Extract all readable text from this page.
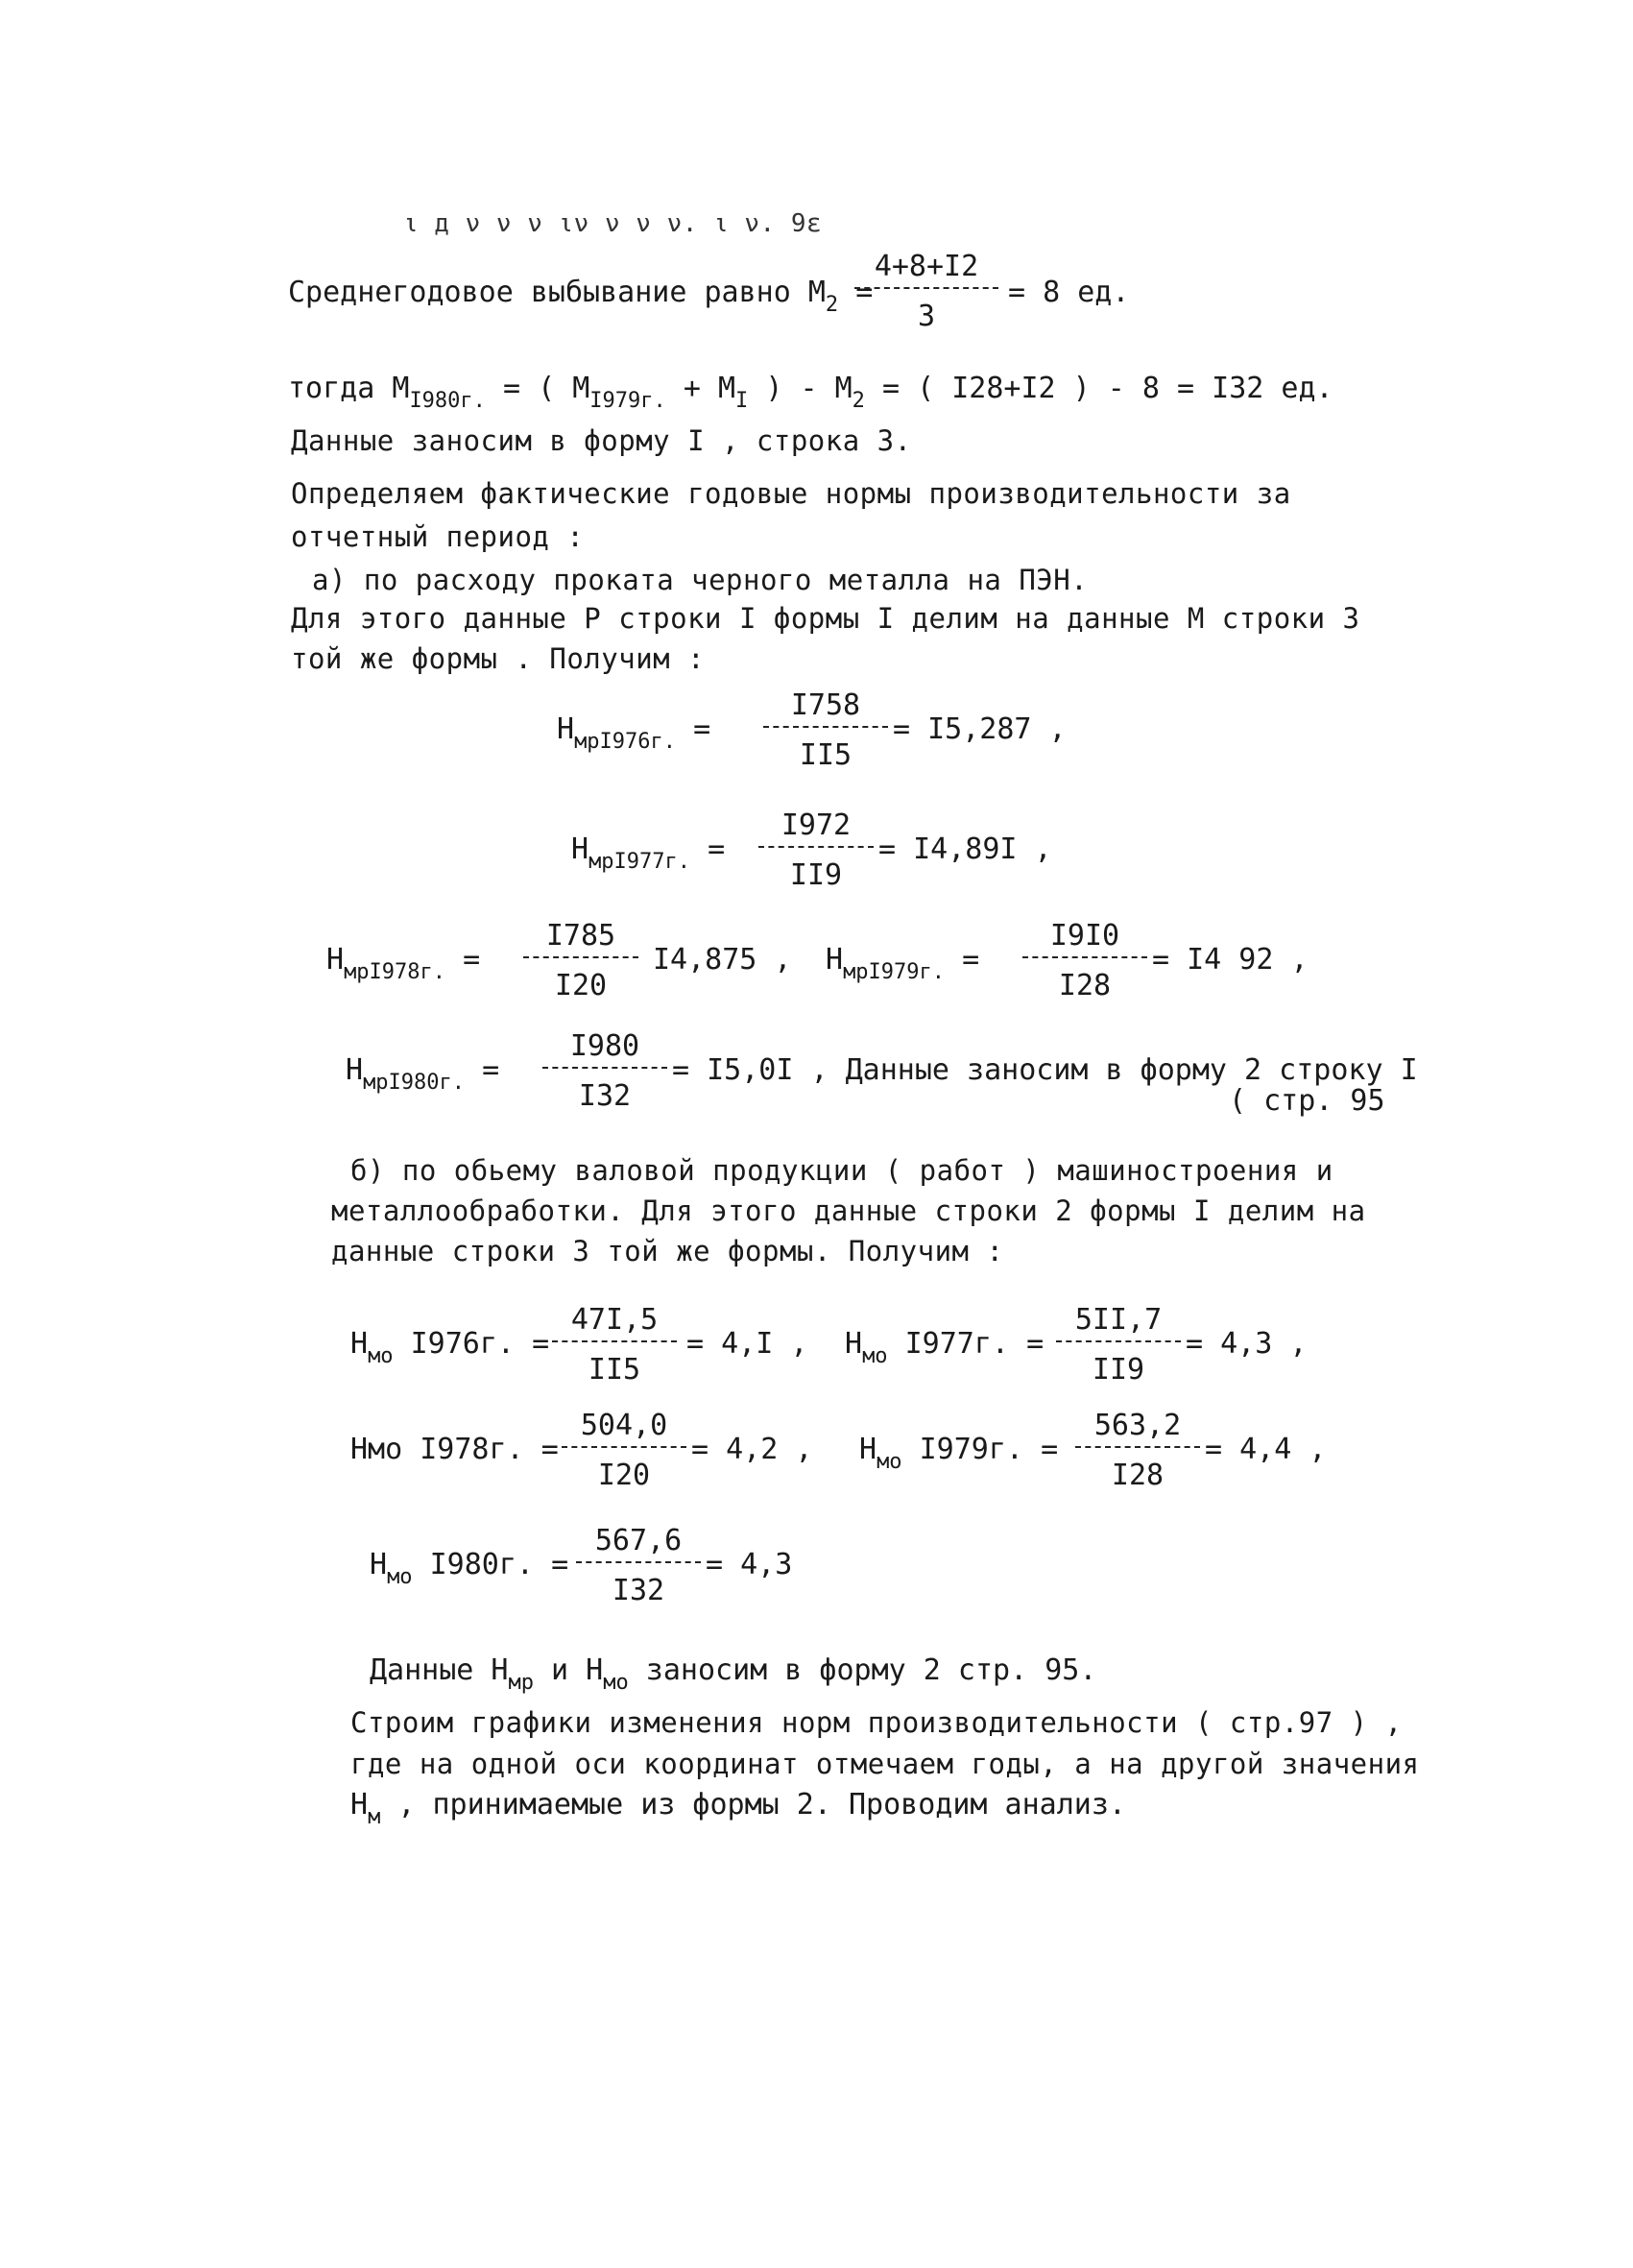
ι д ν ν ν ιν ν ν ν. ι ν. 9ε
Среднегодовое выбывание равно $М_2$ =
$\frac{4+8+I2}{3} = 8$ ед.
тогда $М_{I980г.}$ = ( $М_{I979г.} + М_I$ ) - $М_2$ = ( I28+I2 ) - 8 = I32 ед.
Данные заносим в форму I , строка 3.
Определяем фактические годовые нормы производительности за
отчетный период :
а) по расходу проката черного металла на ПЭН.
Для этого данные Р строки I формы I делим на данные М строки 3
той же формы . Получим :
$Н_{мрI976г.} = \frac{I758}{II5} = I5,287$ ,
$Н_{мрI977г.} = \frac{I972}{II9} = I4,89I$ ,
$Н_{мрI978г.} = \frac{I785}{I20} I4,875$ , $Н_{мрI979г.} = \frac{I9I0}{I28} = I4$ 92 ,
$Н_{мрI980г.} = \frac{I980}{I32} = I5,0I$ , Данные заносим в форму 2 строку I
( стр. 95
б) по обьему валовой продукции ( работ ) машиностроения и
металлообработки. Для этого данные строки 2 формы I делим на
данные строки 3 той же формы. Получим :
$Н_{мо}$ I976г. = $\frac{47I,5}{II5} = 4,I$ , $Н_{мо}$ I977г. = $\frac{5II,7}{II9} = 4,3$ ,
Нмо I978г. = $\frac{504,0}{I20} = 4,2$ , $Н_{мо}$ I979г. = $\frac{563,2}{I28} = 4,4$ ,
$Н_{мо}$ I980г. = $\frac{567,6}{I32} = 4,3$
Данные $Н_{мр}$ и $Н_{мо}$ заносим в форму 2 стр. 95.
Строим графики изменения норм производительности ( стр.97 ) ,
где на одной оси координат отмечаем годы, а на другой значения
$Н_м$ , принимаемые из формы 2. Проводим анализ.
